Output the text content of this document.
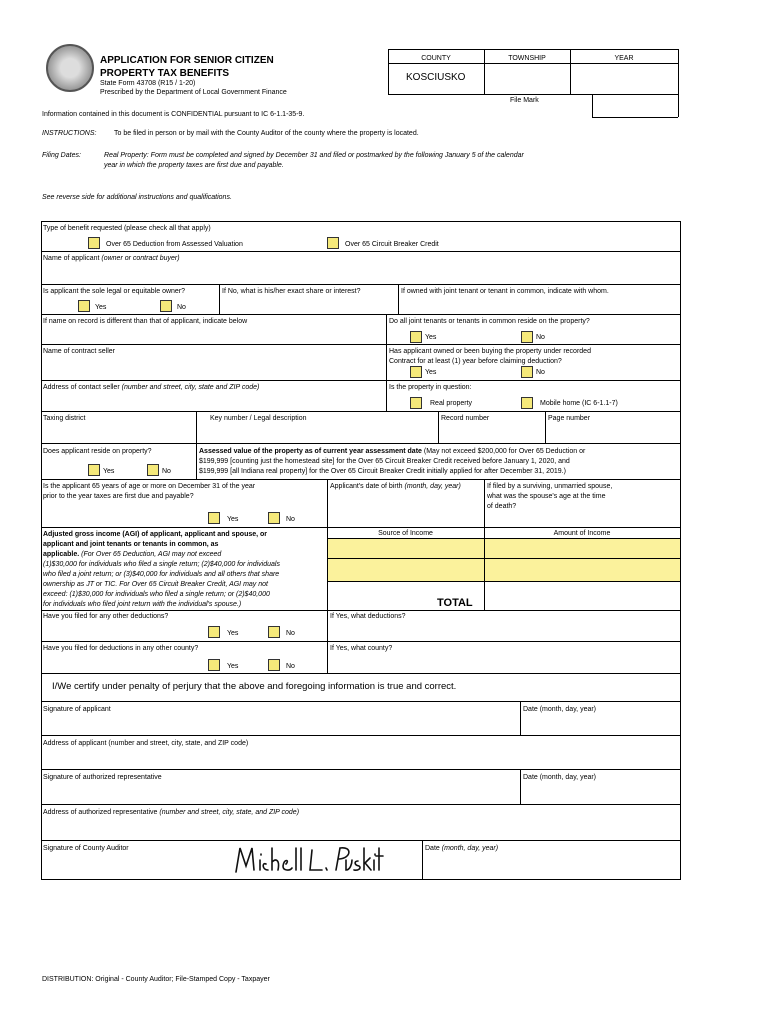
APPLICATION FOR SENIOR CITIZEN
PROPERTY TAX BENEFITS
State Form 43708 (R15 / 1-20)
Prescribed by the Department of Local Government Finance
COUNTY	TOWNSHIP	YEAR
KOSCIUSKO
File Mark
Information contained in this document is CONFIDENTIAL pursuant to IC 6-1.1-35-9.
INSTRUCTIONS:	To be filed in person or by mail with the County Auditor of the county where the property is located.
Filing Dates:	Real Property: Form must be completed and signed by December 31 and filed or postmarked by the following January 5 of the calendar
year in which the property taxes are first due and payable.
See reverse side for additional instructions and qualifications.
Type of benefit requested (please check all that apply)
Over 65 Deduction from Assessed Valuation	Over 65 Circuit Breaker Credit
Name of applicant (owner or contract buyer)
Is applicant the sole legal or equitable owner?	If No, what is his/her exact share or interest?	If owned with joint tenant or tenant in common, indicate with whom.
Yes	No
If name on record is different than that of applicant, indicate below	Do all joint tenants or tenants in common reside on the property?
Yes	No
Name of contract seller	Has applicant owned or been buying the property under recorded
Contract for at least (1) year before claiming deduction?
Yes	No
Address of contact seller (number and street, city, state and ZIP code)	Is the property in question:
Real property	Mobile home (IC 6-1.1-7)
Taxing district	Key number / Legal description	Record number	Page number
Does applicant reside on property?
Yes	No
Assessed value of the property as of current year assessment date (May not exceed $200,000 for Over 65 Deduction or
$199,999 [counting just the homestead site] for the Over 65 Circuit Breaker Credit received before January 1, 2020, and
$199,999 [all Indiana real property] for the Over 65 Circuit Breaker Credit initially applied for after December 31, 2019.)
Is the applicant 65 years of age or more on December 31 of the year
prior to the year taxes are first due and payable?
Yes	No
Applicant's date of birth (month, day, year)	If filed by a surviving, unmarried spouse,
what was the spouse's age at the time
of death?
Adjusted gross income (AGI) of applicant, applicant and spouse, or
applicant and joint tenants or tenants in common, as
applicable. (For Over 65 Deduction, AGI may not exceed
(1)$30,000 for individuals who filed a single return; (2)$40,000 for individuals
who filed a joint return; or (3)$40,000 for individuals and all others that share
ownership as JT or TIC. For Over 65 Circuit Breaker Credit, AGI may not
exceed: (1)$30,000 for individuals who filed a single return; or (2)$40,000
for individuals who filed joint return with the individual's spouse.)
Source of Income	Amount of Income
TOTAL
Have you filed for any other deductions?	If Yes, what deductions?
Yes	No
Have you filed for deductions in any other county?	If Yes, what county?
Yes	No
I/We certify under penalty of perjury that the above and foregoing information is true and correct.
Signature of applicant	Date (month, day, year)
Address of applicant (number and street, city, state, and ZIP code)
Signature of authorized representative	Date (month, day, year)
Address of authorized representative (number and street, city, state, and ZIP code)
Signature of County Auditor	Date (month, day, year)
DISTRIBUTION: Original - County Auditor; File-Stamped Copy - Taxpayer
